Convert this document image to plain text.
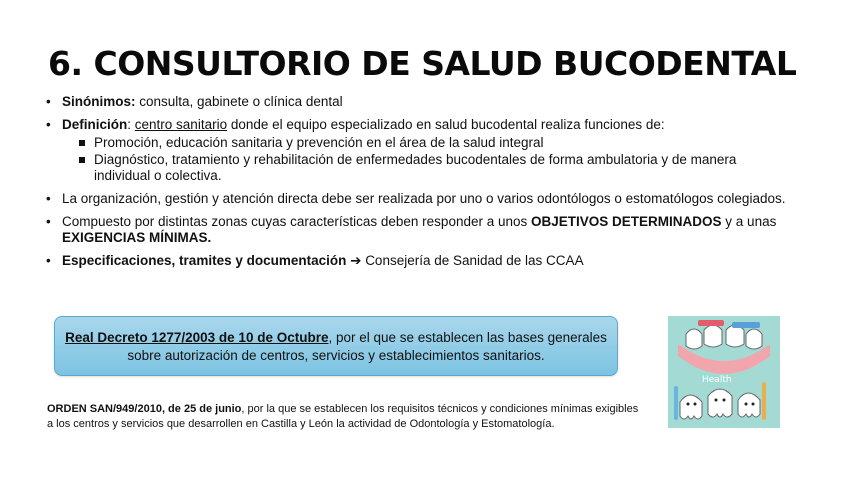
6. CONSULTORIO DE SALUD BUCODENTAL
• Sinónimos: consulta, gabinete o clínica dental
• Definición: centro sanitario donde el equipo especializado en salud bucodental realiza funciones de:
Promoción, educación sanitaria y prevención en el área de la salud integral
Diagnóstico, tratamiento y rehabilitación de enfermedades bucodentales de forma ambulatoria y de manera individual o colectiva.
• La organización, gestión y atención directa debe ser realizada por uno o varios odontólogos o estomatólogos colegiados.
• Compuesto por distintas zonas cuyas características deben responder a unos OBJETIVOS DETERMINADOS y a unas EXIGENCIAS MÍNIMAS.
• Especificaciones, tramites y documentación ➔ Consejería de Sanidad de las CCAA
Real Decreto 1277/2003 de 10 de Octubre, por el que se establecen las bases generales sobre autorización de centros, servicios y establecimientos sanitarios.
ORDEN SAN/949/2010, de 25 de junio, por la que se establecen los requisitos técnicos y condiciones mínimas exigibles a los centros y servicios que desarrollen en Castilla y León la actividad de Odontología y Estomatología.
Health
